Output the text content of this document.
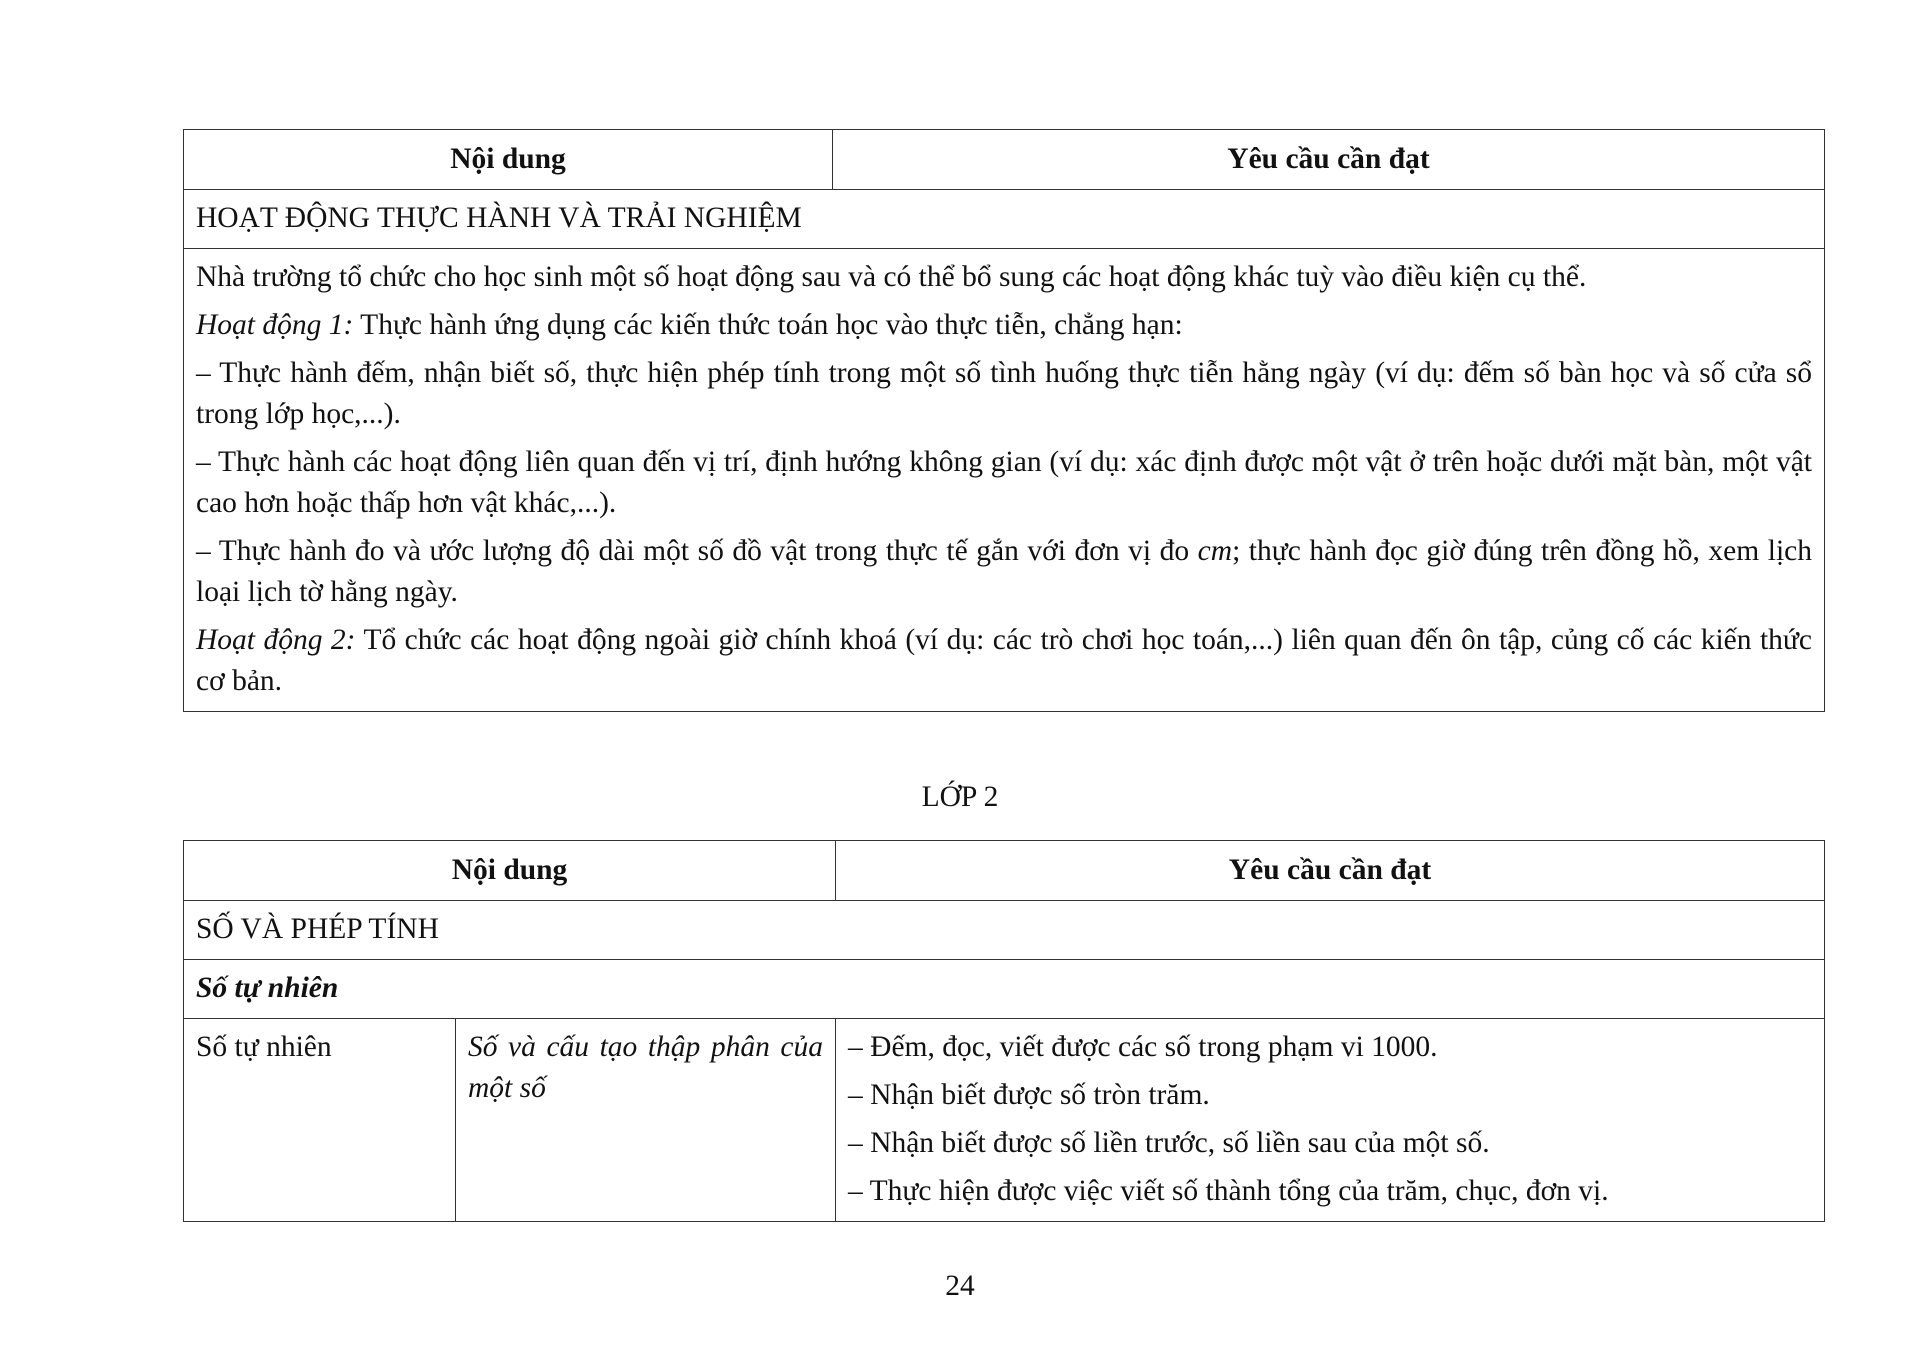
Nội dung	Yêu cầu cần đạt
HOẠT ĐỘNG THỰC HÀNH VÀ TRẢI NGHIỆM

Nhà trường tổ chức cho học sinh một số hoạt động sau và có thể bổ sung các hoạt động khác tuỳ vào điều kiện cụ thể.

Hoạt động 1: Thực hành ứng dụng các kiến thức toán học vào thực tiễn, chẳng hạn:

– Thực hành đếm, nhận biết số, thực hiện phép tính trong một số tình huống thực tiễn hằng ngày (ví dụ: đếm số bàn học và số cửa sổ trong lớp học,...).

– Thực hành các hoạt động liên quan đến vị trí, định hướng không gian (ví dụ: xác định được một vật ở trên hoặc dưới mặt bàn, một vật cao hơn hoặc thấp hơn vật khác,...).

– Thực hành đo và ước lượng độ dài một số đồ vật trong thực tế gắn với đơn vị đo cm; thực hành đọc giờ đúng trên đồng hồ, xem lịch loại lịch tờ hằng ngày.

Hoạt động 2: Tổ chức các hoạt động ngoài giờ chính khoá (ví dụ: các trò chơi học toán,...) liên quan đến ôn tập, củng cố các kiến thức cơ bản.

LỚP 2
Nội dung		Yêu cầu cần đạt
SỐ VÀ PHÉP TÍNH		
Số tự nhiên		
Số tự nhiên	Số và cấu tạo thập phân của một số	– Đếm, đọc, viết được các số trong phạm vi 1000.
– Nhận biết được số tròn trăm.
– Nhận biết được số liền trước, số liền sau của một số.
– Thực hiện được việc viết số thành tổng của trăm, chục, đơn vị.
24
